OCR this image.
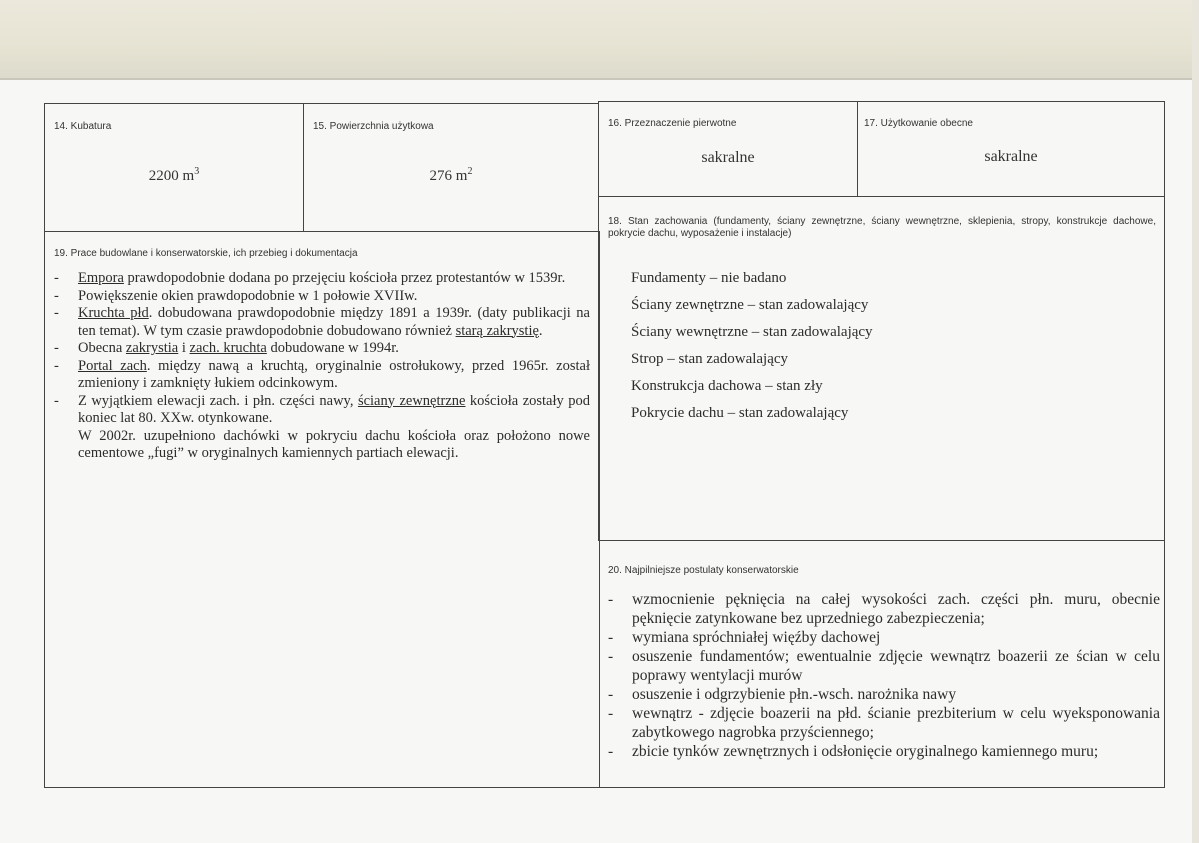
14. Kubatura
2200 $m^3$
15. Powierzchnia użytkowa
276 $m^2$
16. Przeznaczenie pierwotne
sakralne
17. Użytkowanie obecne
sakralne
18. Stan zachowania (fundamenty, ściany zewnętrzne, ściany wewnętrzne, sklepienia, stropy, konstrukcje dachowe, pokrycie dachu, wyposażenie i instalacje)
Fundamenty – nie badano
Ściany zewnętrzne – stan zadowalający
Ściany wewnętrzne – stan zadowalający
Strop – stan zadowalający
Konstrukcja dachowa – stan zły
Pokrycie dachu – stan zadowalający
19. Prace budowlane i konserwatorskie, ich przebieg i dokumentacja
- Empora prawdopodobnie dodana po przejęciu kościoła przez protestantów w 1539r.
- Powiększenie okien prawdopodobnie w 1 połowie XVIIw.
- Kruchta płd. dobudowana prawdopodobnie między 1891 a 1939r. (daty publikacji na ten temat). W tym czasie prawdopodobnie dobudowano również starą zakrystię.
- Obecna zakrystia i zach. kruchta dobudowane w 1994r.
- Portal zach. między nawą a kruchtą, oryginalnie ostrołukowy, przed 1965r. został zmieniony i zamknięty łukiem odcinkowym.
- Z wyjątkiem elewacji zach. i płn. części nawy, ściany zewnętrzne kościoła zostały pod koniec lat 80. XXw. otynkowane.
W 2002r. uzupełniono dachówki w pokryciu dachu kościoła oraz położono nowe cementowe „fugi” w oryginalnych kamiennych partiach elewacji.
20. Najpilniejsze postulaty konserwatorskie
- wzmocnienie pęknięcia na całej wysokości zach. części płn. muru, obecnie pęknięcie zatynkowane bez uprzedniego zabezpieczenia;
- wymiana spróchniałej więźby dachowej
- osuszenie fundamentów; ewentualnie zdjęcie wewnątrz boazerii ze ścian w celu poprawy wentylacji murów
- osuszenie i odgrzybienie płn.-wsch. narożnika nawy
- wewnątrz - zdjęcie boazerii na płd. ścianie prezbiterium w celu wyeksponowania zabytkowego nagrobka przyściennego;
- zbicie tynków zewnętrznych i odsłonięcie oryginalnego kamiennego muru;
